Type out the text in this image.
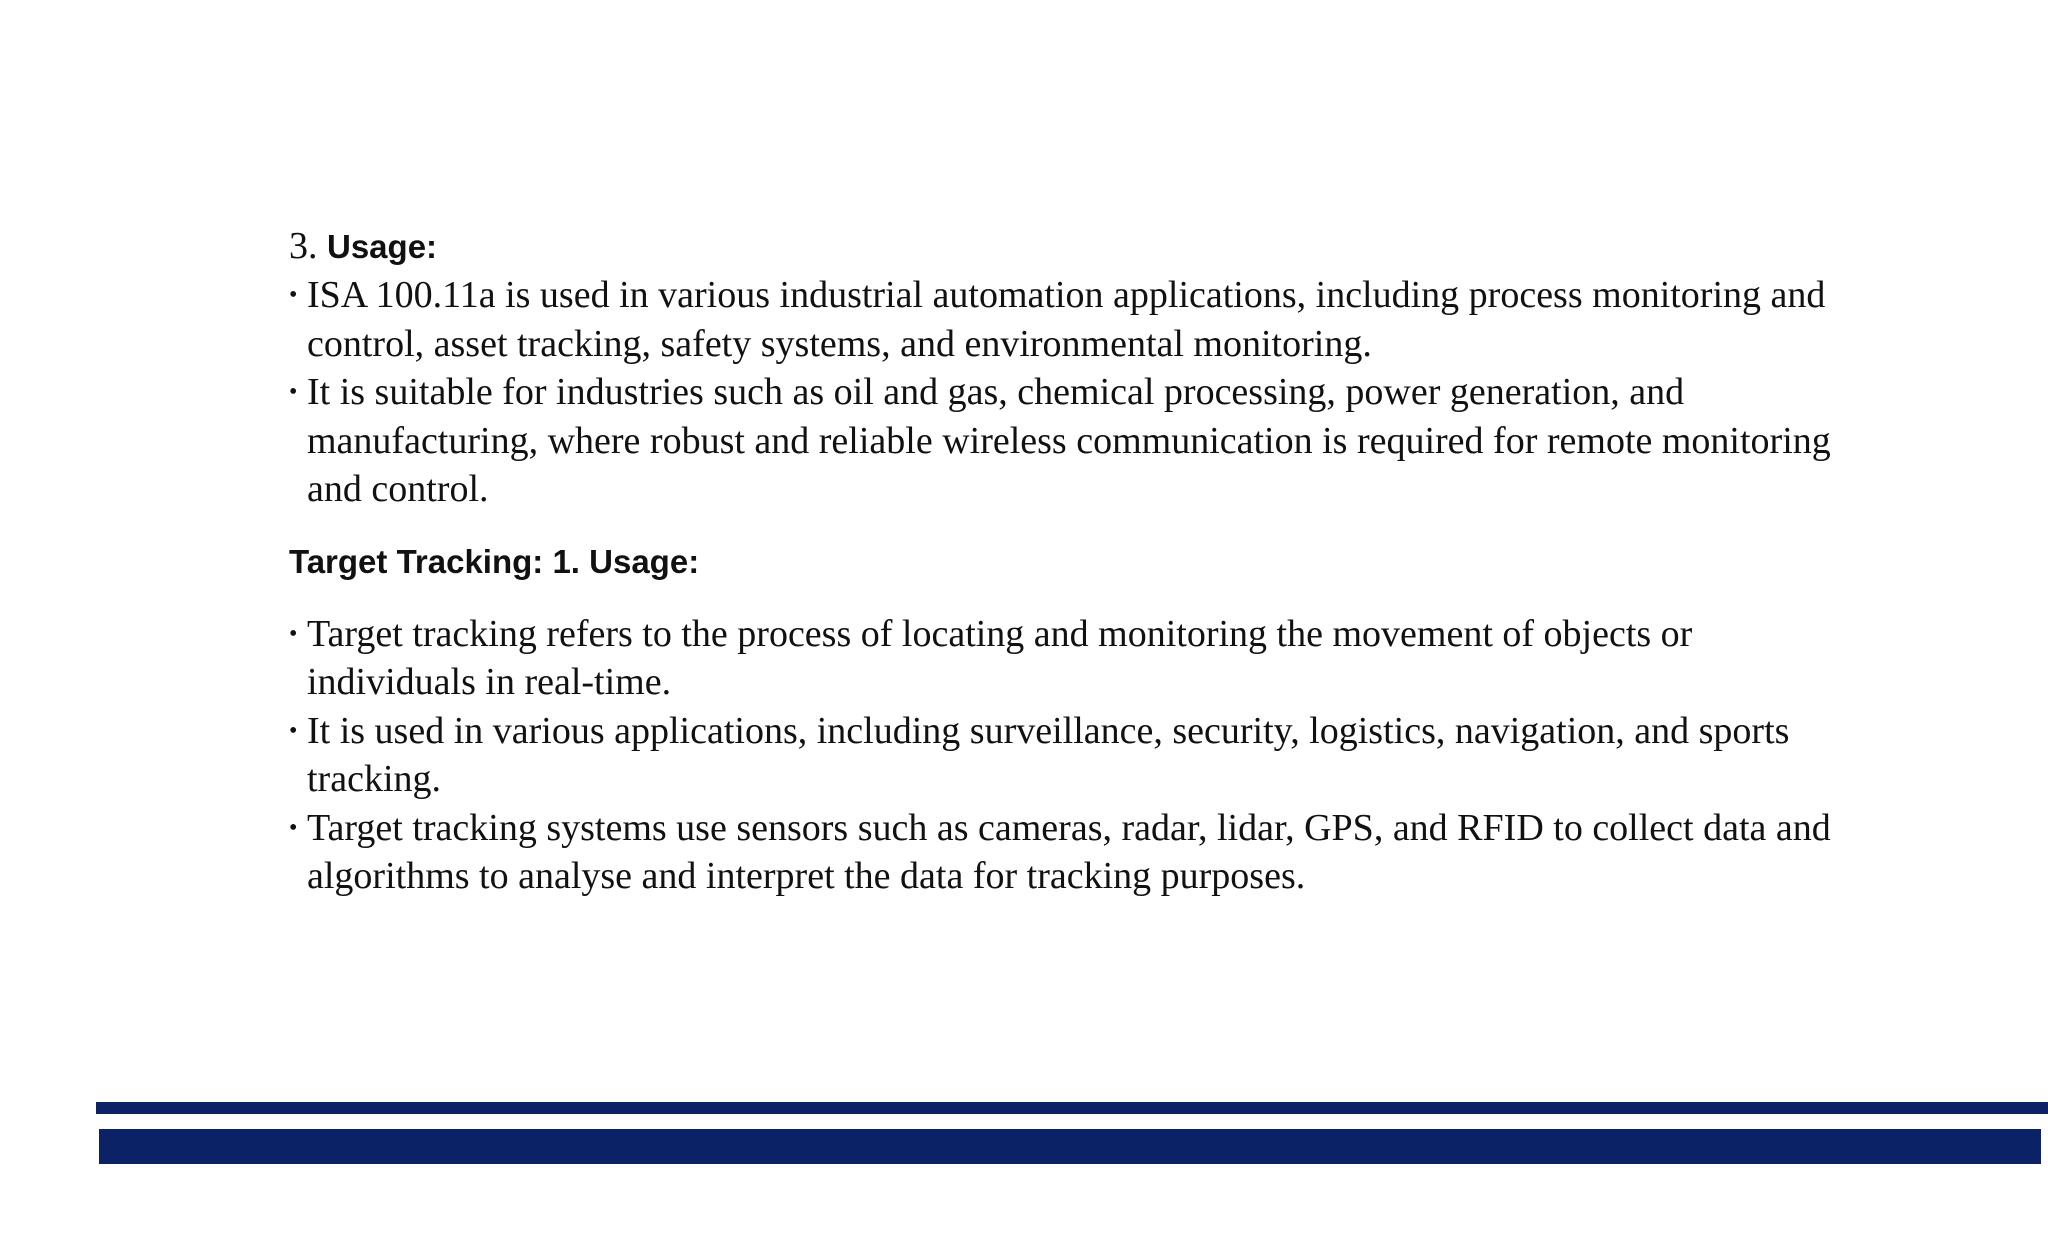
3. Usage:

• ISA 100.11a is used in various industrial automation applications, including process monitoring and control, asset tracking, safety systems, and environmental monitoring.
• It is suitable for industries such as oil and gas, chemical processing, power generation, and manufacturing, where robust and reliable wireless communication is required for remote monitoring and control.

Target Tracking: 1. Usage:

• Target tracking refers to the process of locating and monitoring the movement of objects or individuals in real-time.
• It is used in various applications, including surveillance, security, logistics, navigation, and sports tracking.
• Target tracking systems use sensors such as cameras, radar, lidar, GPS, and RFID to collect data and algorithms to analyse and interpret the data for tracking purposes.
